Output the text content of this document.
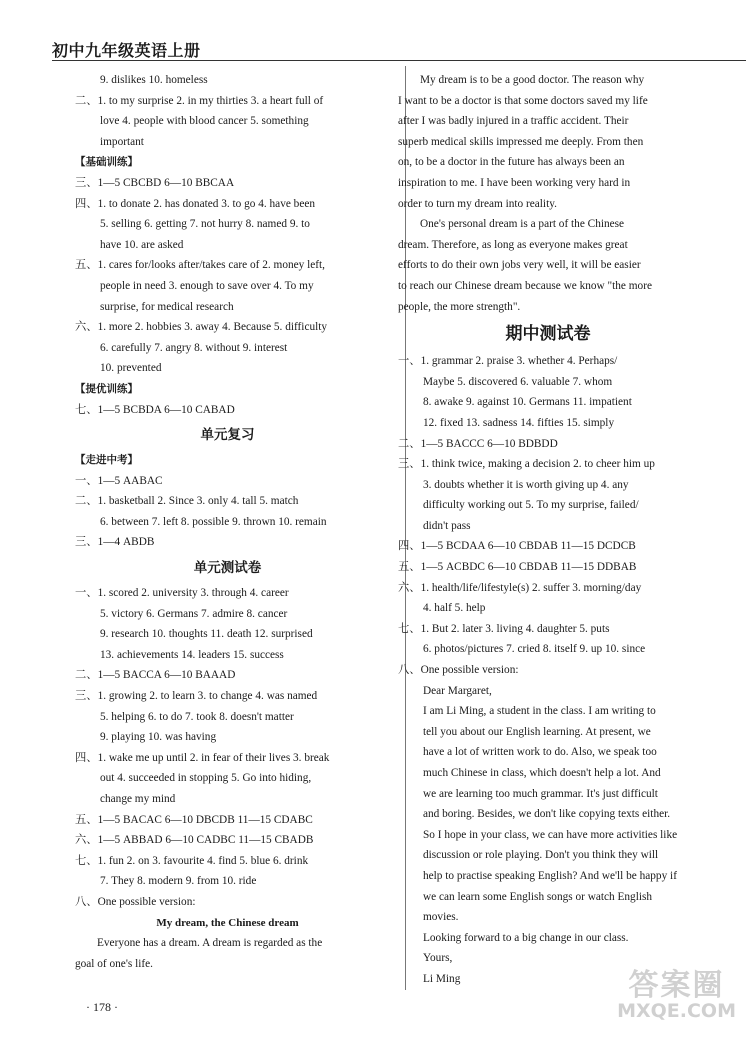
初中九年级英语上册
9. dislikes 10. homeless
二、1. to my surprise 2. in my thirties 3. a heart full of
love 4. people with blood cancer 5. something
important
【基础训练】
三、1—5 CBCBD 6—10 BBCAA
四、1. to donate 2. has donated 3. to go 4. have been
5. selling 6. getting 7. not hurry 8. named 9. to
have 10. are asked
五、1. cares for/looks after/takes care of 2. money left,
people in need 3. enough to save over 4. To my
surprise, for medical research
六、1. more 2. hobbies 3. away 4. Because 5. difficulty
6. carefully 7. angry 8. without 9. interest
10. prevented
【提优训练】
七、1—5 BCBDA 6—10 CABAD
单元复习
【走进中考】
一、1—5 AABAC
二、1. basketball 2. Since 3. only 4. tall 5. match
6. between 7. left 8. possible 9. thrown 10. remain
三、1—4 ABDB
单元测试卷
一、1. scored 2. university 3. through 4. career
5. victory 6. Germans 7. admire 8. cancer
9. research 10. thoughts 11. death 12. surprised
13. achievements 14. leaders 15. success
二、1—5 BACCA 6—10 BAAAD
三、1. growing 2. to learn 3. to change 4. was named
5. helping 6. to do 7. took 8. doesn't matter
9. playing 10. was having
四、1. wake me up until 2. in fear of their lives 3. break
out 4. succeeded in stopping 5. Go into hiding,
change my mind
五、1—5 BACAC 6—10 DBCDB 11—15 CDABC
六、1—5 ABBAD 6—10 CADBC 11—15 CBADB
七、1. fun 2. on 3. favourite 4. find 5. blue 6. drink
7. They 8. modern 9. from 10. ride
八、One possible version:
My dream, the Chinese dream
Everyone has a dream. A dream is regarded as the
goal of one's life.
My dream is to be a good doctor. The reason why
I want to be a doctor is that some doctors saved my life
after I was badly injured in a traffic accident. Their
superb medical skills impressed me deeply. From then
on, to be a doctor in the future has always been an
inspiration to me. I have been working very hard in
order to turn my dream into reality.
One's personal dream is a part of the Chinese
dream. Therefore, as long as everyone makes great
efforts to do their own jobs very well, it will be easier
to reach our Chinese dream because we know "the more
people, the more strength".
期中测试卷
一、1. grammar 2. praise 3. whether 4. Perhaps/
Maybe 5. discovered 6. valuable 7. whom
8. awake 9. against 10. Germans 11. impatient
12. fixed 13. sadness 14. fifties 15. simply
二、1—5 BACCC 6—10 BDBDD
三、1. think twice, making a decision 2. to cheer him up
3. doubts whether it is worth giving up 4. any
difficulty working out 5. To my surprise, failed/
didn't pass
四、1—5 BCDAA 6—10 CBDAB 11—15 DCDCB
五、1—5 ACBDC 6—10 CBDAB 11—15 DDBAB
六、1. health/life/lifestyle(s) 2. suffer 3. morning/day
4. half 5. help
七、1. But 2. later 3. living 4. daughter 5. puts
6. photos/pictures 7. cried 8. itself 9. up 10. since
八、One possible version:
Dear Margaret,
I am Li Ming, a student in the class. I am writing to
tell you about our English learning. At present, we
have a lot of written work to do. Also, we speak too
much Chinese in class, which doesn't help a lot. And
we are learning too much grammar. It's just difficult
and boring. Besides, we don't like copying texts either.
So I hope in your class, we can have more activities like
discussion or role playing. Don't you think they will
help to practise speaking English? And we'll be happy if
we can learn some English songs or watch English
movies.
Looking forward to a big change in our class.
Yours,
Li Ming
· 178 ·
答案圈
MXQE.COM
